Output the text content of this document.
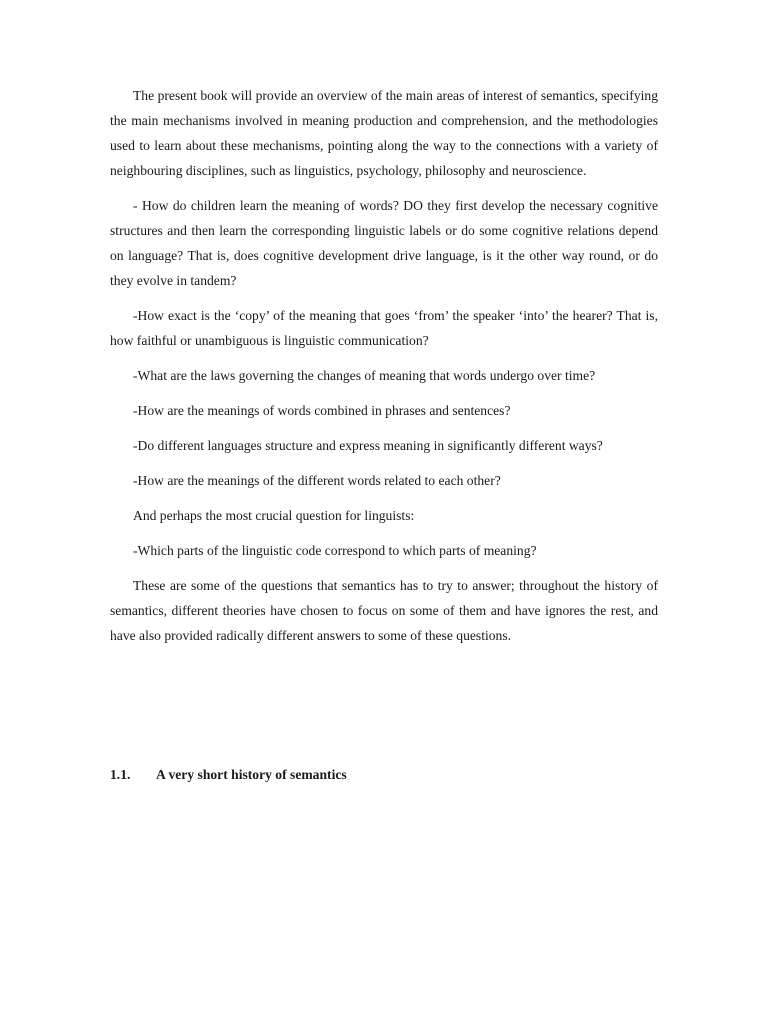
The present book will provide an overview of the main areas of interest of semantics, specifying the main mechanisms involved in meaning production and comprehension, and the methodologies used to learn about these mechanisms, pointing along the way to the connections with a variety of neighbouring disciplines, such as linguistics, psychology, philosophy and neuroscience.

- How do children learn the meaning of words? DO they first develop the necessary cognitive structures and then learn the corresponding linguistic labels or do some cognitive relations depend on language? That is, does cognitive development drive language, is it the other way round, or do they evolve in tandem?

-How exact is the ‘copy’ of the meaning that goes ‘from’ the speaker ‘into’ the hearer? That is, how faithful or unambiguous is linguistic communication?

-What are the laws governing the changes of meaning that words undergo over time?

-How are the meanings of words combined in phrases and sentences?

-Do different languages structure and express meaning in significantly different ways?

-How are the meanings of the different words related to each other?

And perhaps the most crucial question for linguists:

-Which parts of the linguistic code correspond to which parts of meaning?

These are some of the questions that semantics has to try to answer; throughout the history of semantics, different theories have chosen to focus on some of them and have ignores the rest, and have also provided radically different answers to some of these questions.

1.1. A very short history of semantics
